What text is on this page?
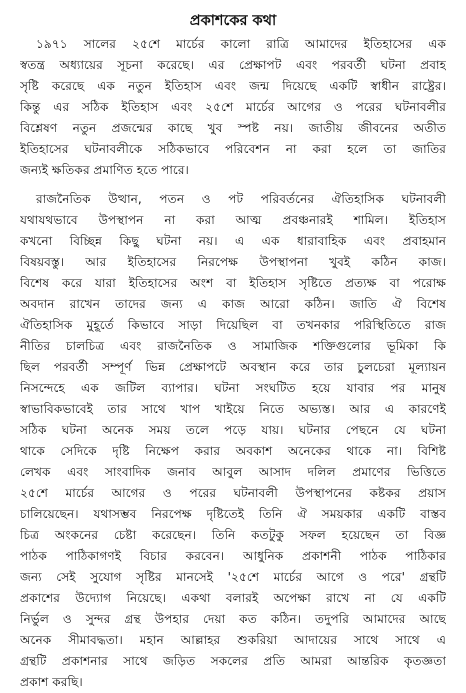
প্রকাশকের কথা
১৯৭১ সালের ২৫শে মার্চের কালো রাত্রি আমাদের ইতিহাসের এক
স্বতন্ত্র অধ্যায়ের সূচনা করেছে। এর প্রেক্ষাপট এবং পরবর্তী ঘটনা প্রবাহ
সৃষ্টি করেছে এক নতুন ইতিহাস এবং জন্ম দিয়েছে একটি স্বাধীন রাষ্ট্রের।
কিন্তু এর সঠিক ইতিহাস এবং ২৫শে মার্চের আগের ও পরের ঘটনাবলীর
বিশ্লেষণ নতুন প্রজন্মের কাছে খুব স্পষ্ট নয়। জাতীয় জীবনের অতীত
ইতিহাসের ঘটনাবলীকে সঠিকভাবে পরিবেশন না করা হলে তা জাতির
জন্যই ক্ষতিকর প্রমাণিত হতে পারে।
রাজনৈতিক উত্থান, পতন ও পট পরিবর্তনের ঐতিহাসিক ঘটনাবলী
যথাযথভাবে উপস্থাপন না করা আত্ম প্রবঞ্চনারই শামিল। ইতিহাস
কখনো বিচ্ছিন্ন কিছু ঘটনা নয়। এ এক ধারাবাহিক এবং প্রবাহমান
বিষয়বস্তু। আর ইতিহাসের নিরপেক্ষ উপস্থাপনা খুবই কঠিন কাজ।
বিশেষ করে যারা ইতিহাসের অংশ বা ইতিহাস সৃষ্টিতে প্রত্যক্ষ বা পরোক্ষ
অবদান রাখেন তাদের জন্য এ কাজ আরো কঠিন। জাতি ঐ বিশেষ
ঐতিহাসিক মুহূর্তে কিভাবে সাড়া দিয়েছিল বা তখনকার পরিস্থিতিতে রাজ
নীতির চালচিত্র এবং রাজনৈতিক ও সামাজিক শক্তিগুলোর ভূমিকা কি
ছিল পরবর্তী সম্পূর্ণ ভিন্ন প্রেক্ষাপটে অবস্থান করে তার চুলচেরা মূল্যায়ন
নিসন্দেহে এক জটিল ব্যাপার। ঘটনা সংঘটিত হয়ে যাবার পর মানুষ
স্বাভাবিকভাবেই তার সাথে খাপ খাইয়ে নিতে অভ্যস্ত। আর এ কারণেই
সঠিক ঘটনা অনেক সময় তলে পড়ে যায়। ঘটনার পেছনে যে ঘটনা
থাকে সেদিকে দৃষ্টি নিক্ষেপ করার অবকাশ অনেকের থাকে না। বিশিষ্ট
লেখক এবং সাংবাদিক জনাব আবুল আসাদ দলিল প্রমাণের ভিত্তিতে
২৫শে মার্চের আগের ও পরের ঘটনাবলী উপস্থাপনের কষ্টকর প্রয়াস
চালিয়েছেন। যথাসম্ভব নিরপেক্ষ দৃষ্টিতেই তিনি ঐ সময়কার একটি বাস্তব
চিত্র অংকনের চেষ্টা করেছেন। তিনি কতটুকু সফল হয়েছেন তা বিজ্ঞ
পাঠক পাঠিকাগণই বিচার করবেন। আধুনিক প্রকাশনী পাঠক পাঠিকার
জন্য সেই সুযোগ সৃষ্টির মানসেই '২৫শে মার্চের আগে ও পরে' গ্রন্থটি
প্রকাশের উদ্যোগ নিয়েছে। একথা বলারই অপেক্ষা রাখে না যে একটি
নির্ভুল ও সুন্দর গ্রন্থ উপহার দেয়া কত কঠিন। তদুপরি আমাদের আছে
অনেক সীমাবদ্ধতা। মহান আল্লাহর শুকরিয়া আদায়ের সাথে সাথে এ
গ্রন্থটি প্রকাশনার সাথে জড়িত সকলের প্রতি আমরা আন্তরিক কৃতজ্ঞতা
প্রকাশ করছি।
